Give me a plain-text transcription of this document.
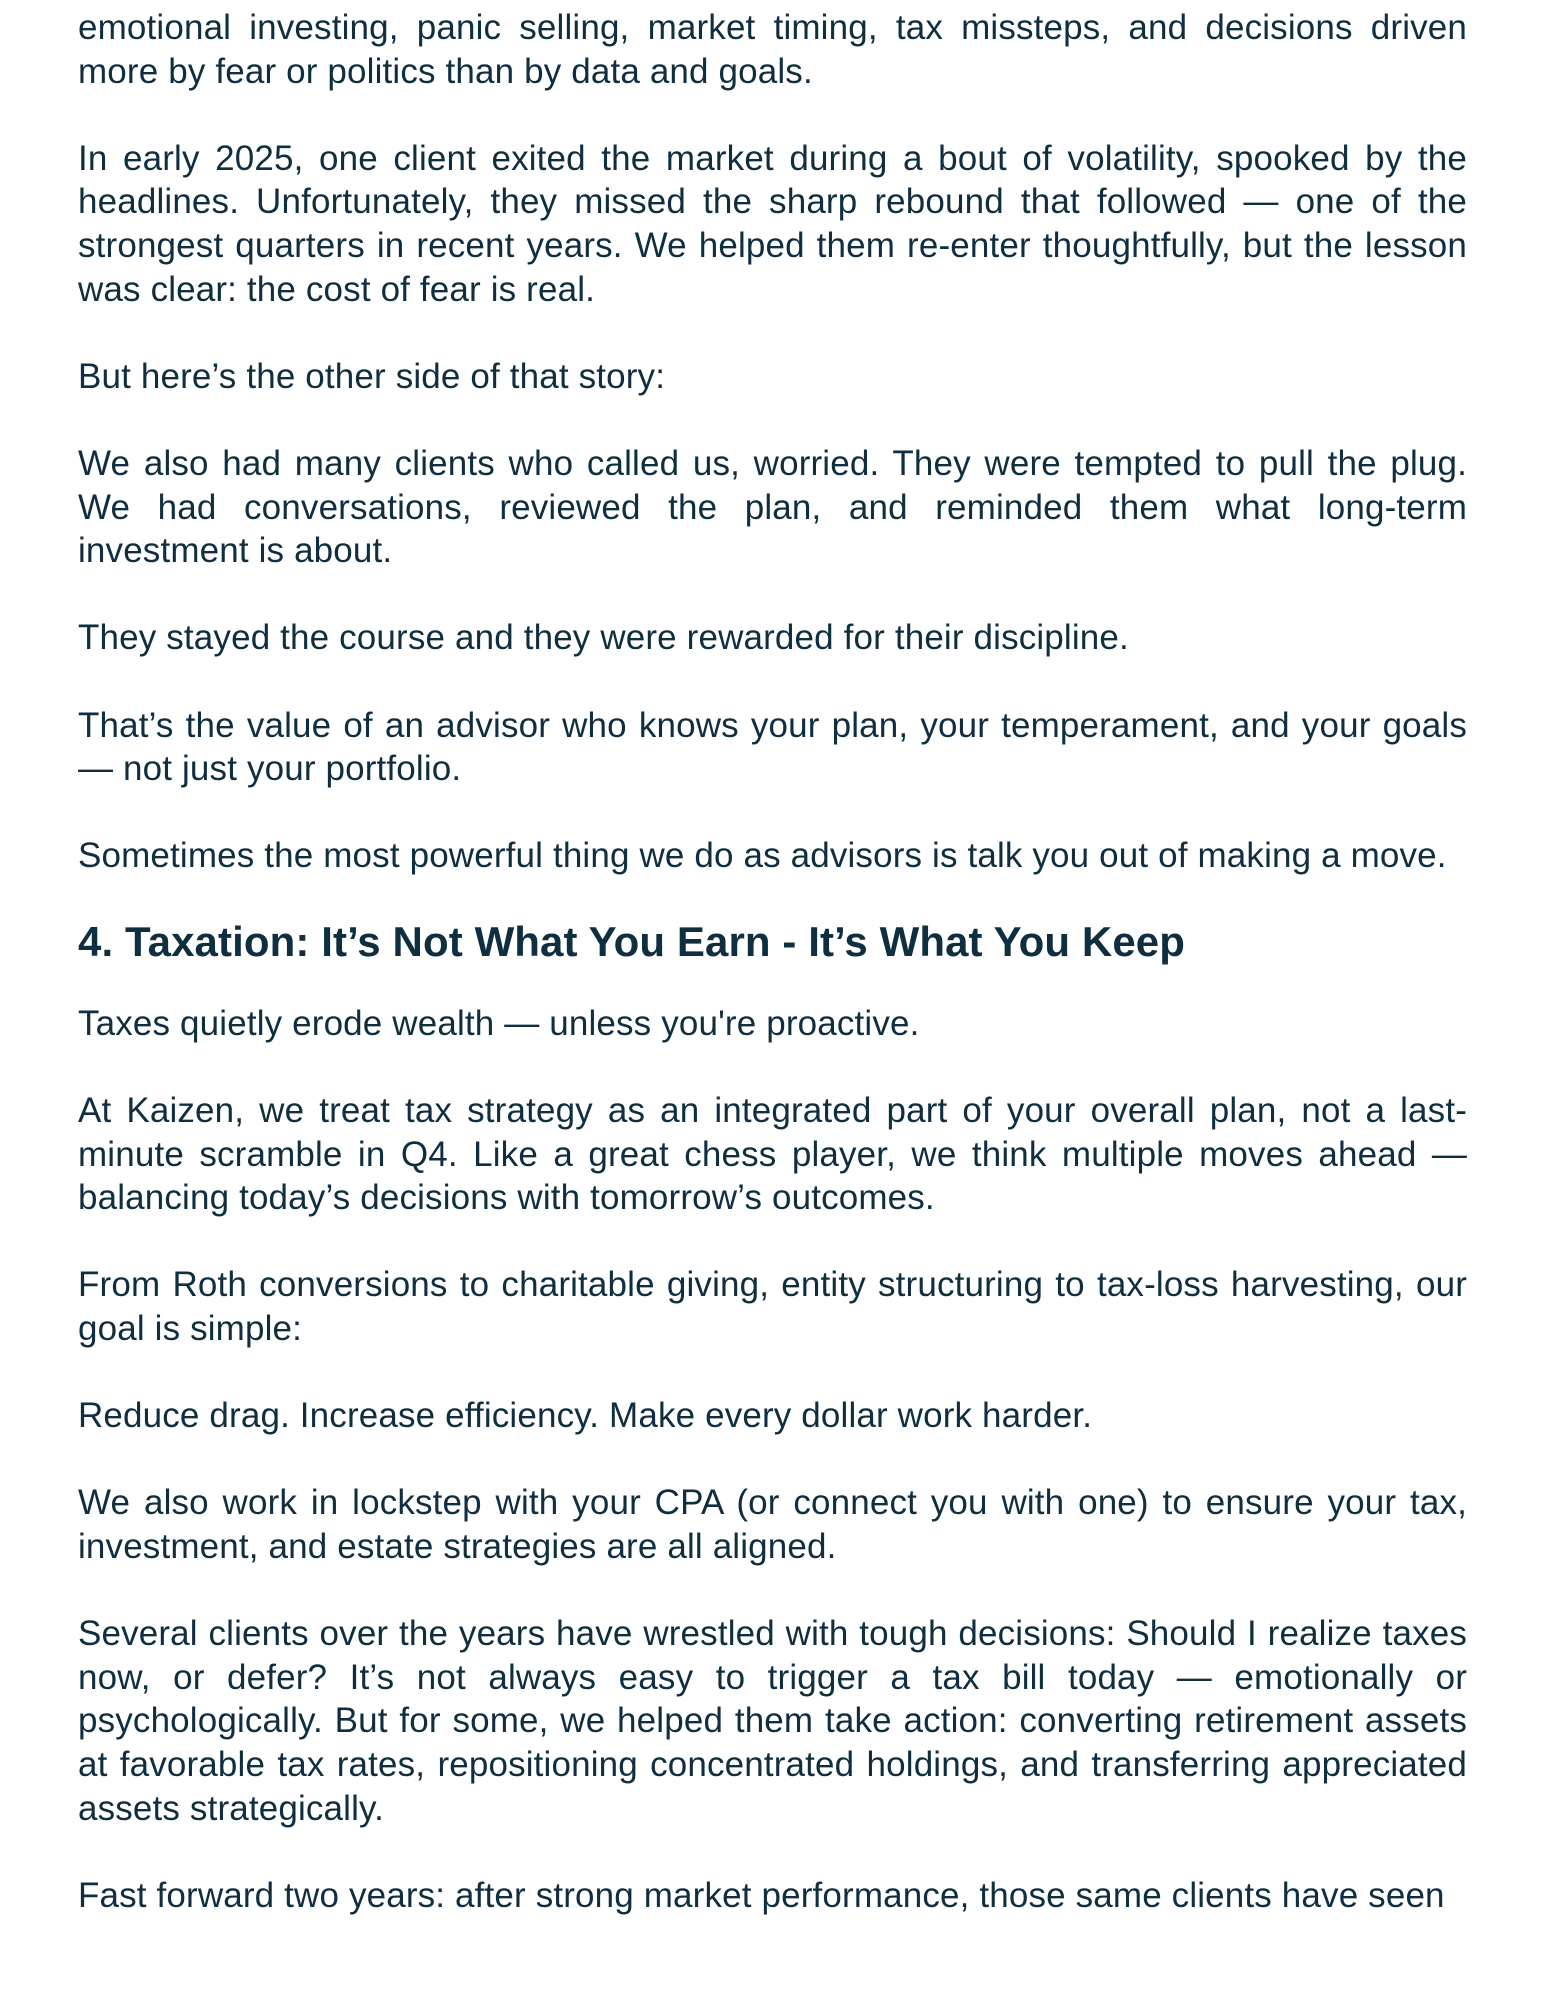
emotional investing, panic selling, market timing, tax missteps, and decisions driven more by fear or politics than by data and goals.

In early 2025, one client exited the market during a bout of volatility, spooked by the headlines. Unfortunately, they missed the sharp rebound that followed — one of the strongest quarters in recent years. We helped them re-enter thoughtfully, but the lesson was clear: the cost of fear is real.

But here’s the other side of that story:

We also had many clients who called us, worried. They were tempted to pull the plug. We had conversations, reviewed the plan, and reminded them what long-term investment is about.

They stayed the course and they were rewarded for their discipline.

That’s the value of an advisor who knows your plan, your temperament, and your goals — not just your portfolio.

Sometimes the most powerful thing we do as advisors is talk you out of making a move.

4. Taxation: It’s Not What You Earn - It’s What You Keep

Taxes quietly erode wealth — unless you're proactive.

At Kaizen, we treat tax strategy as an integrated part of your overall plan, not a last-minute scramble in Q4. Like a great chess player, we think multiple moves ahead — balancing today’s decisions with tomorrow’s outcomes.

From Roth conversions to charitable giving, entity structuring to tax-loss harvesting, our goal is simple:

Reduce drag. Increase efficiency. Make every dollar work harder.

We also work in lockstep with your CPA (or connect you with one) to ensure your tax, investment, and estate strategies are all aligned.

Several clients over the years have wrestled with tough decisions: Should I realize taxes now, or defer? It’s not always easy to trigger a tax bill today — emotionally or psychologically. But for some, we helped them take action: converting retirement assets at favorable tax rates, repositioning concentrated holdings, and transferring appreciated assets strategically.

Fast forward two years: after strong market performance, those same clients have seen
